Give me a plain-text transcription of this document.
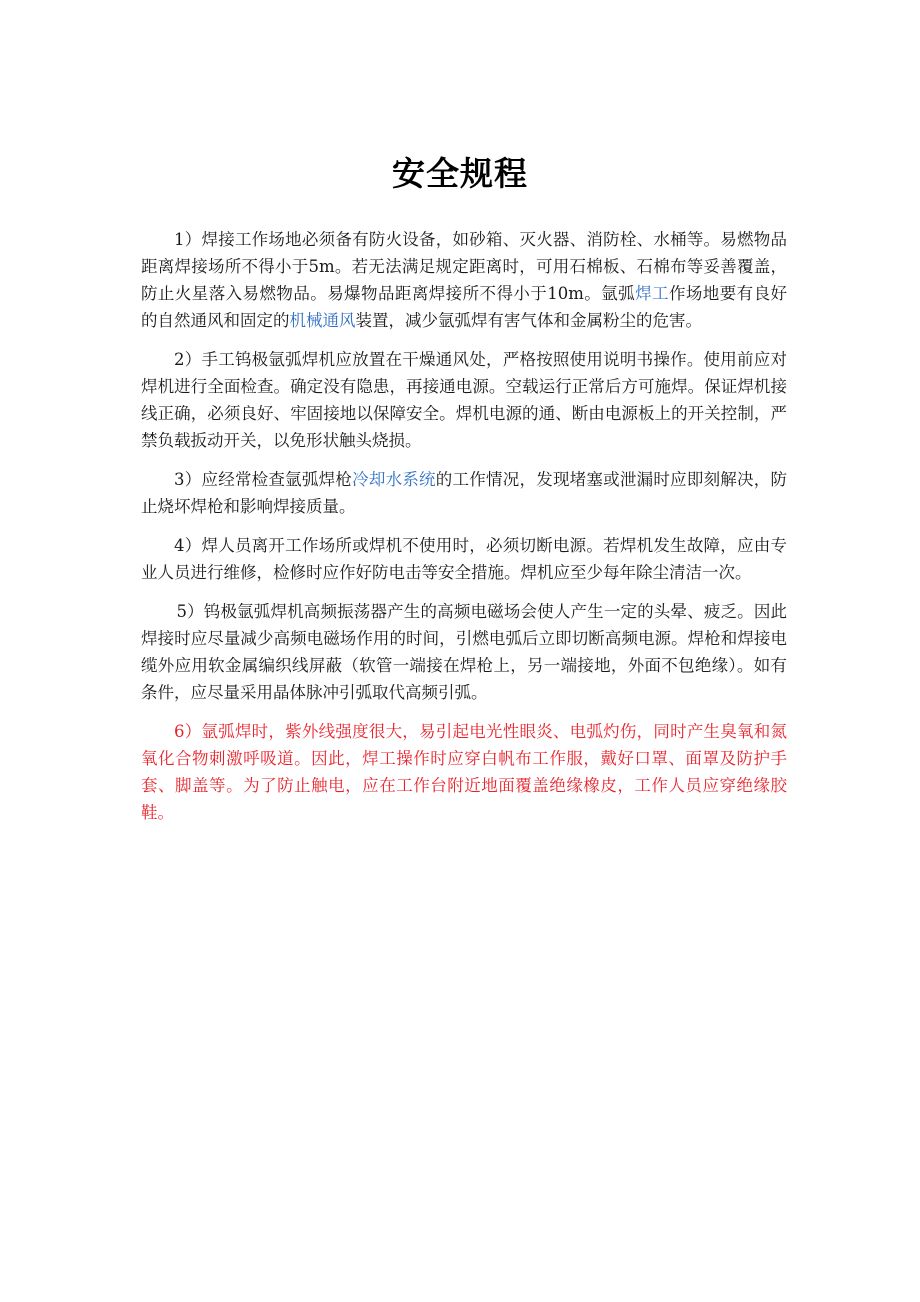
安全规程

1）焊接工作场地必须备有防火设备，如砂箱、灭火器、消防栓、水桶等。易燃物品距离焊接场所不得小于5m。若无法满足规定距离时，可用石棉板、石棉布等妥善覆盖，防止火星落入易燃物品。易爆物品距离焊接所不得小于10m。氩弧焊工作场地要有良好的自然通风和固定的机械通风装置，减少氩弧焊有害气体和金属粉尘的危害。

2）手工钨极氩弧焊机应放置在干燥通风处，严格按照使用说明书操作。使用前应对焊机进行全面检查。确定没有隐患，再接通电源。空载运行正常后方可施焊。保证焊机接线正确，必须良好、牢固接地以保障安全。焊机电源的通、断由电源板上的开关控制，严禁负载扳动开关，以免形状触头烧损。

3）应经常检查氩弧焊枪冷却水系统的工作情况，发现堵塞或泄漏时应即刻解决，防止烧坏焊枪和影响焊接质量。

4）焊人员离开工作场所或焊机不使用时，必须切断电源。若焊机发生故障，应由专业人员进行维修，检修时应作好防电击等安全措施。焊机应至少每年除尘清洁一次。

5）钨极氩弧焊机高频振荡器产生的高频电磁场会使人产生一定的头晕、疲乏。因此焊接时应尽量减少高频电磁场作用的时间，引燃电弧后立即切断高频电源。焊枪和焊接电缆外应用软金属编织线屏蔽（软管一端接在焊枪上，另一端接地，外面不包绝缘）。如有条件，应尽量采用晶体脉冲引弧取代高频引弧。

6）氩弧焊时，紫外线强度很大，易引起电光性眼炎、电弧灼伤，同时产生臭氧和氮氧化合物刺激呼吸道。因此，焊工操作时应穿白帆布工作服，戴好口罩、面罩及防护手套、脚盖等。为了防止触电，应在工作台附近地面覆盖绝缘橡皮，工作人员应穿绝缘胶鞋。
